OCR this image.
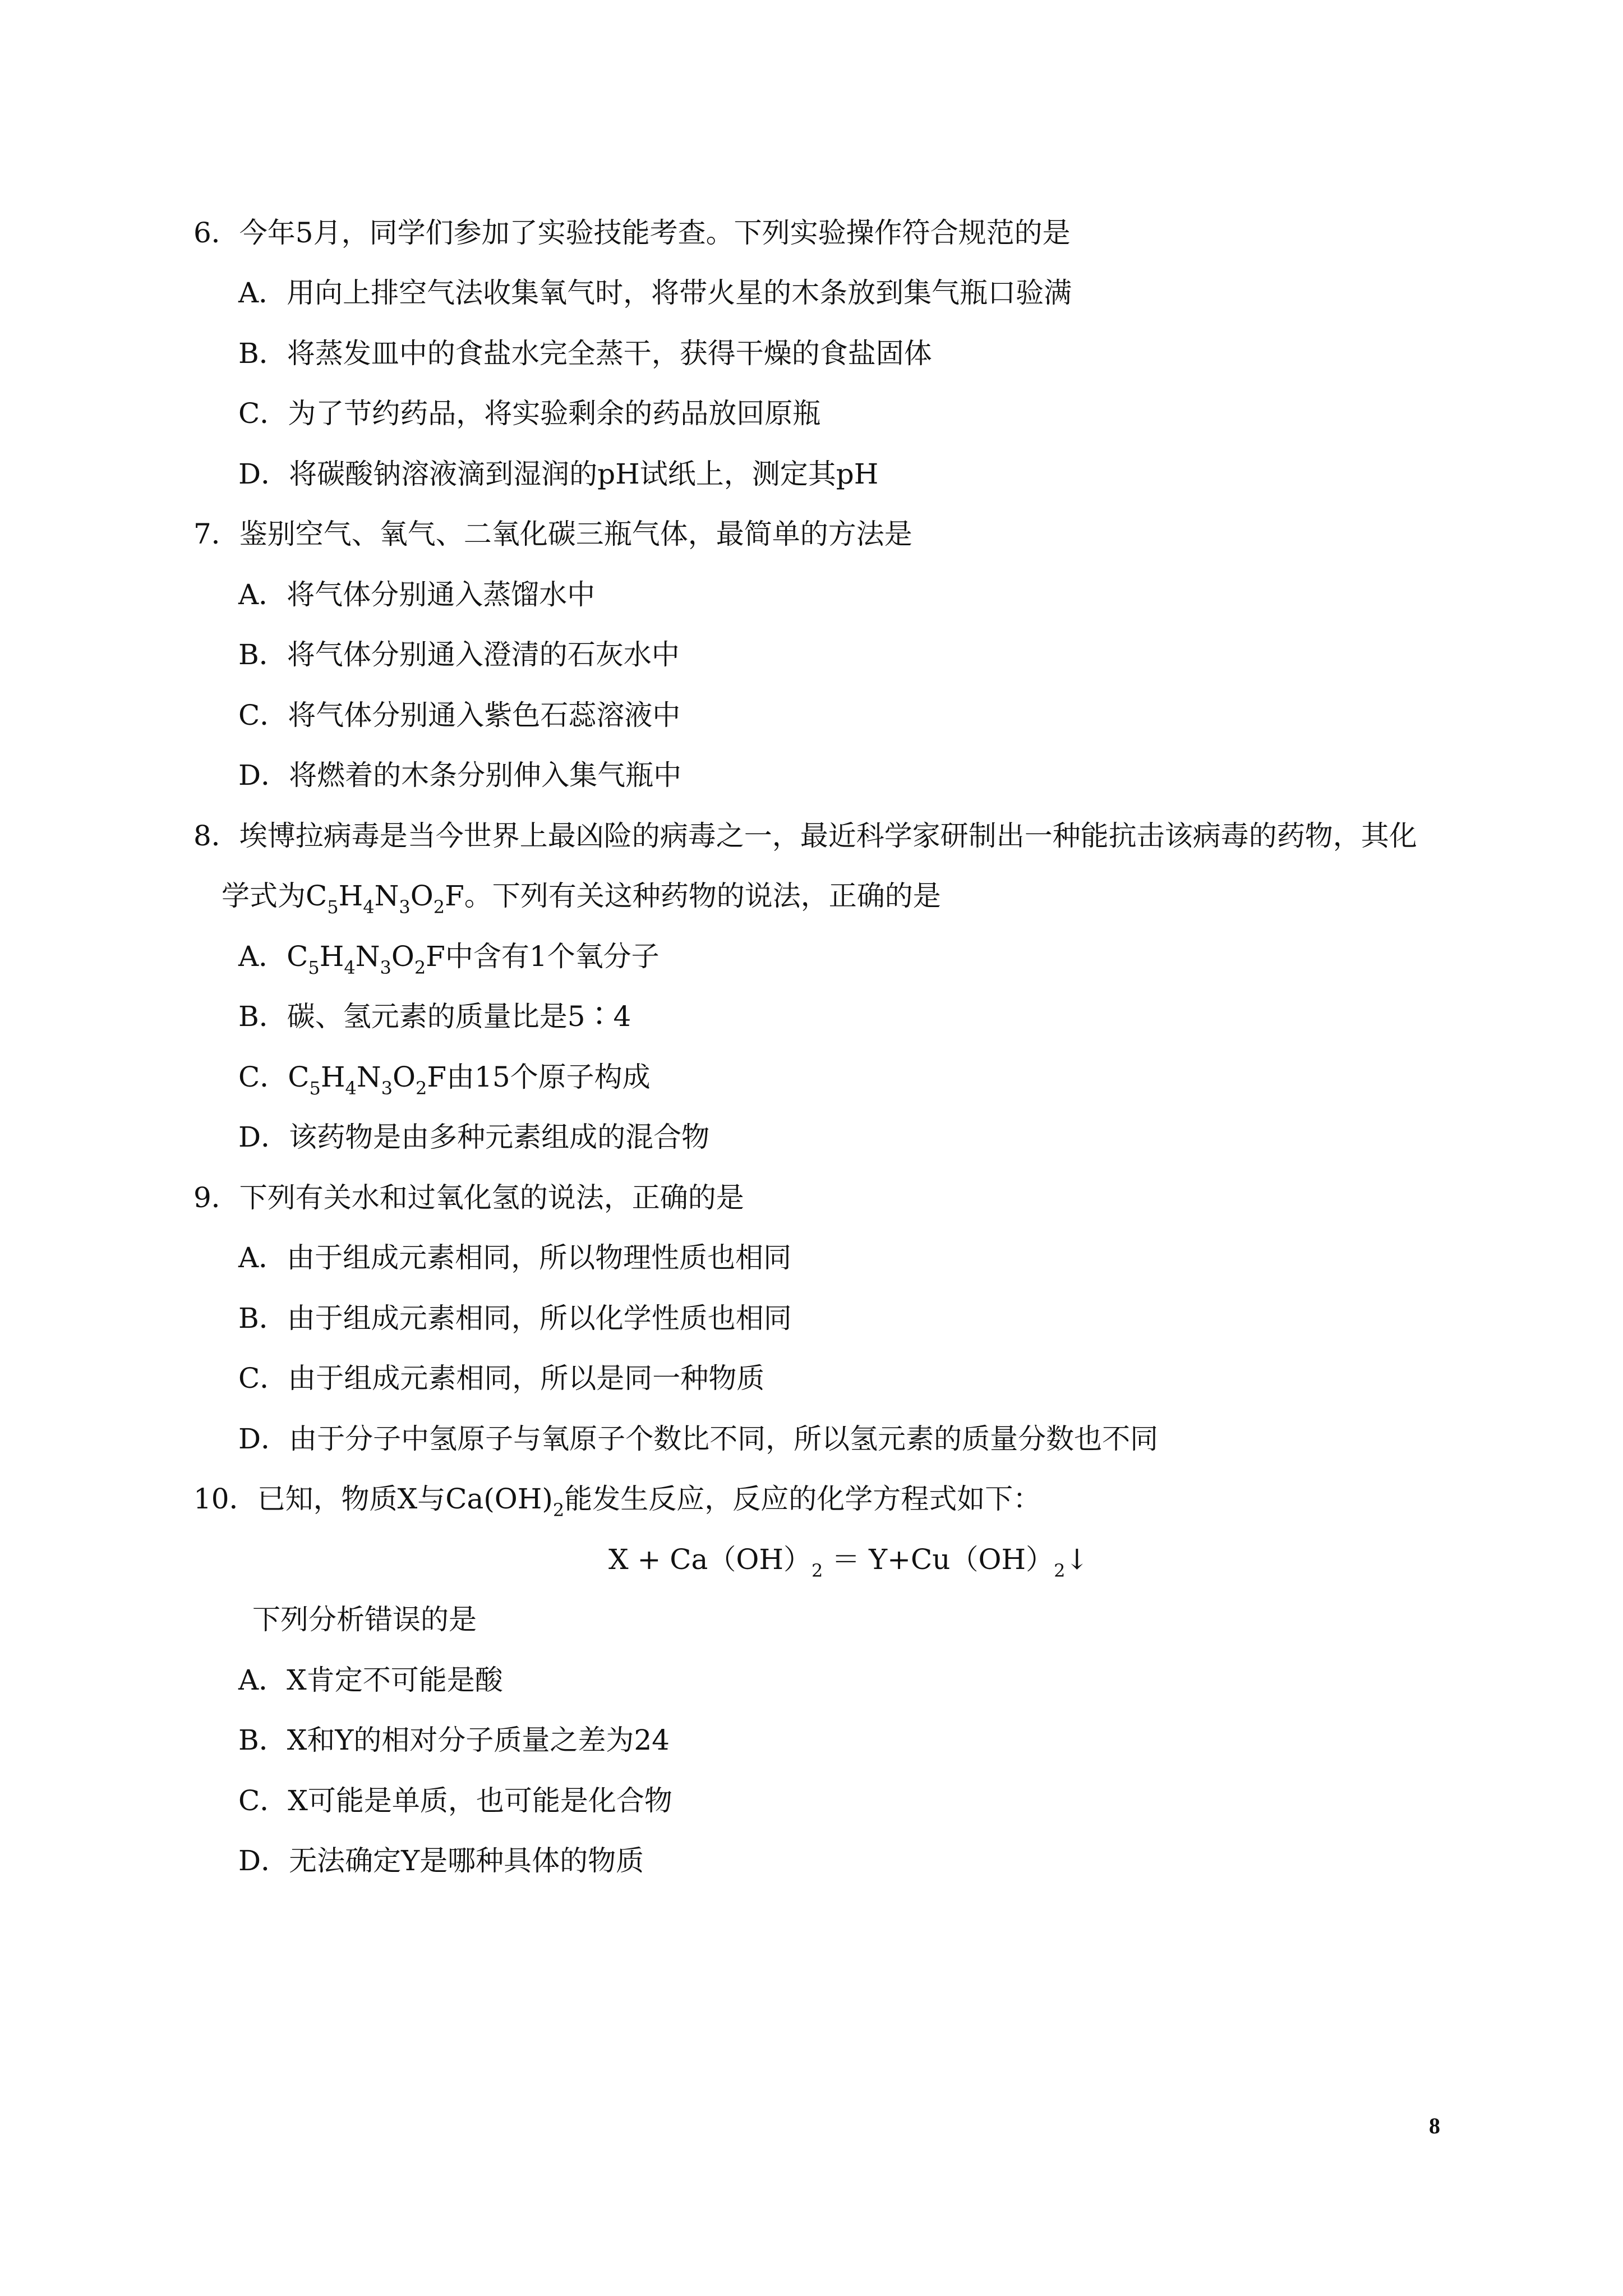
6．今年5月，同学们参加了实验技能考查。下列实验操作符合规范的是
A．用向上排空气法收集氧气时，将带火星的木条放到集气瓶口验满
B．将蒸发皿中的食盐水完全蒸干，获得干燥的食盐固体
C．为了节约药品，将实验剩余的药品放回原瓶
D．将碳酸钠溶液滴到湿润的pH试纸上，测定其pH
7．鉴别空气、氧气、二氧化碳三瓶气体，最简单的方法是
A．将气体分别通入蒸馏水中
B．将气体分别通入澄清的石灰水中
C．将气体分别通入紫色石蕊溶液中
D．将燃着的木条分别伸入集气瓶中
8．埃博拉病毒是当今世界上最凶险的病毒之一，最近科学家研制出一种能抗击该病毒的药物，其化
学式为$C_5H_4N_3O_2F$。下列有关这种药物的说法，正确的是
A．$C_5H_4N_3O_2F$中含有1个氧分子
B．碳、氢元素的质量比是5∶4
C．$C_5H_4N_3O_2F$由15个原子构成
D．该药物是由多种元素组成的混合物
9．下列有关水和过氧化氢的说法，正确的是
A．由于组成元素相同，所以物理性质也相同
B．由于组成元素相同，所以化学性质也相同
C．由于组成元素相同，所以是同一种物质
D．由于分子中氢原子与氧原子个数比不同，所以氢元素的质量分数也不同
10．已知，物质X与$Ca(OH)_2$能发生反应，反应的化学方程式如下：
$X + Ca(OH)_2$ ＝ $Y+Cu(OH)_2↓$
下列分析错误的是
A．X肯定不可能是酸
B．X和Y的相对分子质量之差为24
C．X可能是单质，也可能是化合物
D．无法确定Y是哪种具体的物质
8
